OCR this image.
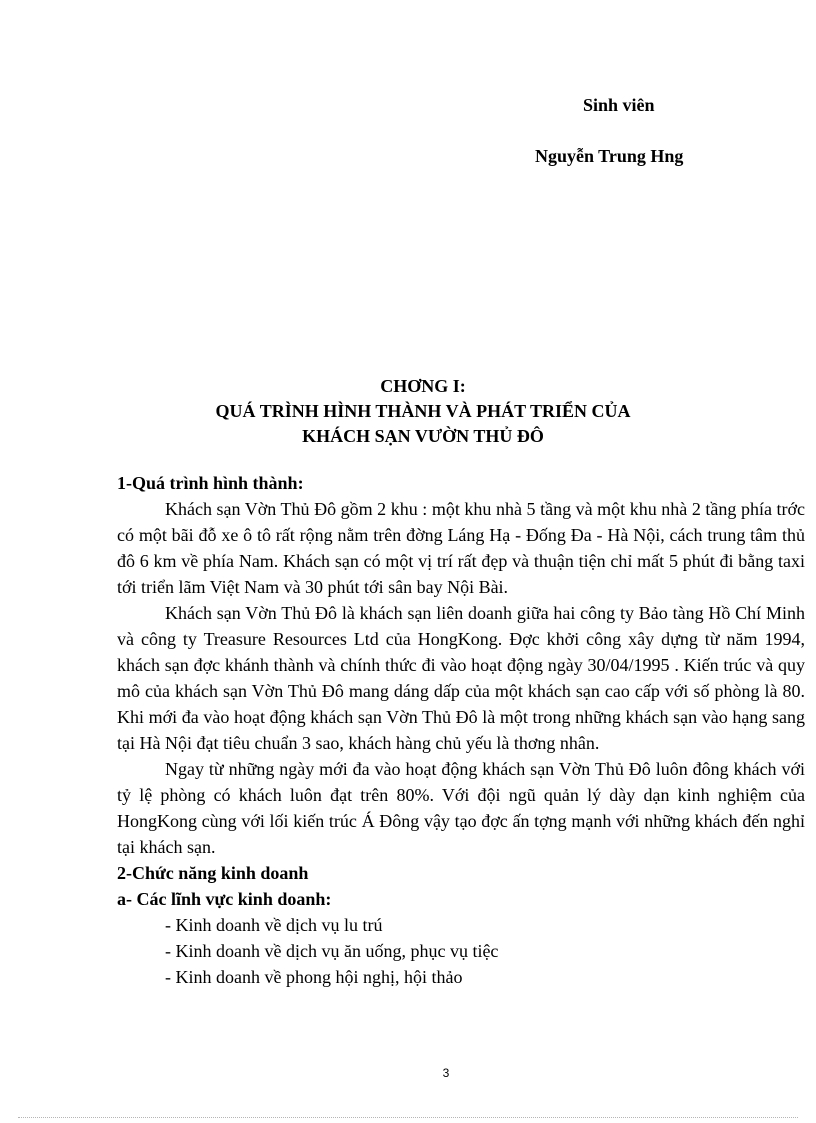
Sinh viên
Nguyễn Trung Hng
CHƠNG I:
QUÁ TRÌNH HÌNH THÀNH VÀ PHÁT TRIỂN CỦA
KHÁCH SẠN VƯỜN THỦ ĐÔ
1-Quá trình hình thành:

Khách sạn Vờn Thủ Đô gồm 2 khu : một khu nhà 5 tầng và một khu nhà 2 tầng phía trớc có một bãi đỗ xe ô tô rất rộng nằm trên đờng Láng Hạ - Đống Đa - Hà Nội, cách trung tâm thủ đô 6 km về phía Nam. Khách sạn có một vị trí rất đẹp và thuận tiện chỉ mất 5 phút đi bằng taxi tới triển lãm Việt Nam và 30 phút tới sân bay Nội Bài.

Khách sạn Vờn Thủ Đô là khách sạn liên doanh giữa hai công ty Bảo tàng Hồ Chí Minh và công ty Treasure Resources Ltd của HongKong. Đợc khởi công xây dựng từ năm 1994, khách sạn đợc khánh thành và chính thức đi vào hoạt động ngày 30/04/1995 . Kiến trúc và quy mô của khách sạn Vờn Thủ Đô mang dáng dấp của một khách sạn cao cấp với số phòng là 80. Khi mới đa vào hoạt động khách sạn Vờn Thủ Đô là một trong những khách sạn vào hạng sang tại Hà Nội đạt tiêu chuẩn 3 sao, khách hàng chủ yếu là thơng nhân.

Ngay từ những ngày mới đa vào hoạt động khách sạn Vờn Thủ Đô luôn đông khách với tỷ lệ phòng có khách luôn đạt trên 80%. Với đội ngũ quản lý dày dạn kinh nghiệm của HongKong cùng với lối kiến trúc Á Đông vậy tạo đợc ấn tợng mạnh với những khách đến nghỉ tại khách sạn.

2-Chức năng kinh doanh
a- Các lĩnh vực kinh doanh:

- Kinh doanh về dịch vụ lu trú

- Kinh doanh về dịch vụ ăn uống, phục vụ tiệc

- Kinh doanh về phong hội nghị, hội thảo

3
